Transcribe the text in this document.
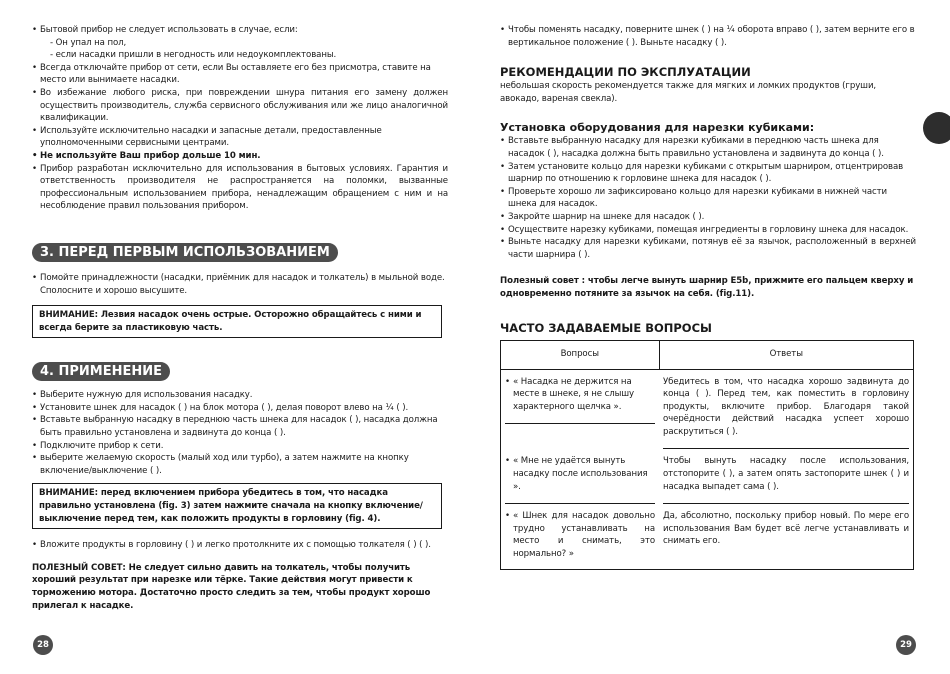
• Бытовой прибор не следует использовать в случае, если:

- Он упал на пол,

- если насадки пришли в негодность или недоукомплектованы.

• Всегда отключайте прибор от сети, если Вы оставляете его без присмотра, ставите на место или вынимаете насадки.

• Во избежание любого риска, при повреждении шнура питания его замену должен осуществить производитель, служба сервисного обслуживания или же лицо аналогичной квалификации.

• Используйте исключительно насадки и запасные детали, предоставленные уполномоченными сервисными центрами.

• Не используйте Ваш прибор дольше 10 мин.

• Прибор разработан исключительно для использования в бытовых условиях. Гарантия и ответственность производителя не распространяется на поломки, вызванные профессиональным использованием прибора, ненадлежащим обращением с ним и на несоблюдение правил пользования прибором.

3. ПЕРЕД ПЕРВЫМ ИСПОЛЬЗОВАНИЕМ

• Помойте принадлежности (насадки, приёмник для насадок и толкатель) в мыльной воде. Сполосните и хорошо высушите.

ВНИМАНИЕ: Лезвия насадок очень острые. Осторожно обращайтесь с ними и всегда берите за пластиковую часть.
4. ПРИМЕНЕНИЕ

• Выберите нужную для использования насадку.

• Установите шнек для насадок ( ) на блок мотора ( ), делая поворот влево на ¼ ( ).

• Вставьте выбранную насадку в переднюю часть шнека для насадок ( ), насадка должна быть правильно установлена и задвинута до конца ( ).

• Подключите прибор к сети.

• выберите желаемую скорость (малый ход или турбо), а затем нажмите на кнопку включение/выключение ( ).

ВНИМАНИЕ: перед включением прибора убедитесь в том, что насадка правильно установлена (fig. 3) затем нажмите сначала на кнопку включение/выключение перед тем, как положить продукты в горловину (fig. 4).

• Вложите продукты в горловину ( ) и легко протолкните их с помощью толкателя ( ) ( ).

ПОЛЕЗНЫЙ СОВЕТ: Не следует сильно давить на толкатель, чтобы получить хороший результат при нарезке или тёрке. Такие действия могут привести к торможению мотора. Достаточно просто следить за тем, чтобы продукт хорошо прилегал к насадке.

28

• Чтобы поменять насадку, поверните шнек ( ) на ¼ оборота вправо ( ), затем верните его в вертикальное положение ( ). Выньте насадку ( ).

РЕКОМЕНДАЦИИ ПО ЭКСПЛУАТАЦИИ

небольшая скорость рекомендуется также для мягких и ломких продуктов (груши, авокадо, вареная свекла).

Установка оборудования для нарезки кубиками:

• Вставьте выбранную насадку для нарезки кубиками в переднюю часть шнека для насадок ( ), насадка должна быть правильно установлена и задвинута до конца ( ).

• Затем установите кольцо для нарезки кубиками с открытым шарниром, отцентрировав шарнир по отношению к горловине шнека для насадок ( ).

• Проверьте хорошо ли зафиксировано кольцо для нарезки кубиками в нижней части шнека для насадок.

• Закройте шарнир на шнеке для насадок ( ).

• Осуществите нарезку кубиками, помещая ингредиенты в горловину шнека для насадок.

• Выньте насадку для нарезки кубиками, потянув её за язычок, расположенный в верхней части шарнира ( ).

Полезный совет : чтобы легче вынуть шарнир E5b, прижмите его пальцем кверху и одновременно потяните за язычок на себя. (fig.11).

ЧАСТО ЗАДАВАЕМЫЕ ВОПРОСЫ

Вопросы	Ответы

• « Насадка не держится на месте в шнеке, я не слышу характерного щелчка ».	Убедитесь в том, что насадка хорошо задвинута до конца ( ). Перед тем, как поместить в горловину продукты, включите прибор. Благодаря такой очерёдности действий насадка успеет хорошо раскрутиться ( ).

• « Мне не удаётся вынуть насадку после использования ».	Чтобы вынуть насадку после использования, отстопорите ( ), а затем опять застопорите шнек ( ) и насадка выпадет сама ( ).

• « Шнек для насадок довольно трудно устанавливать на место и снимать, это нормально? »	Да, абсолютно, поскольку прибор новый. По мере его использования Вам будет всё легче устанавливать и снимать его.
29
